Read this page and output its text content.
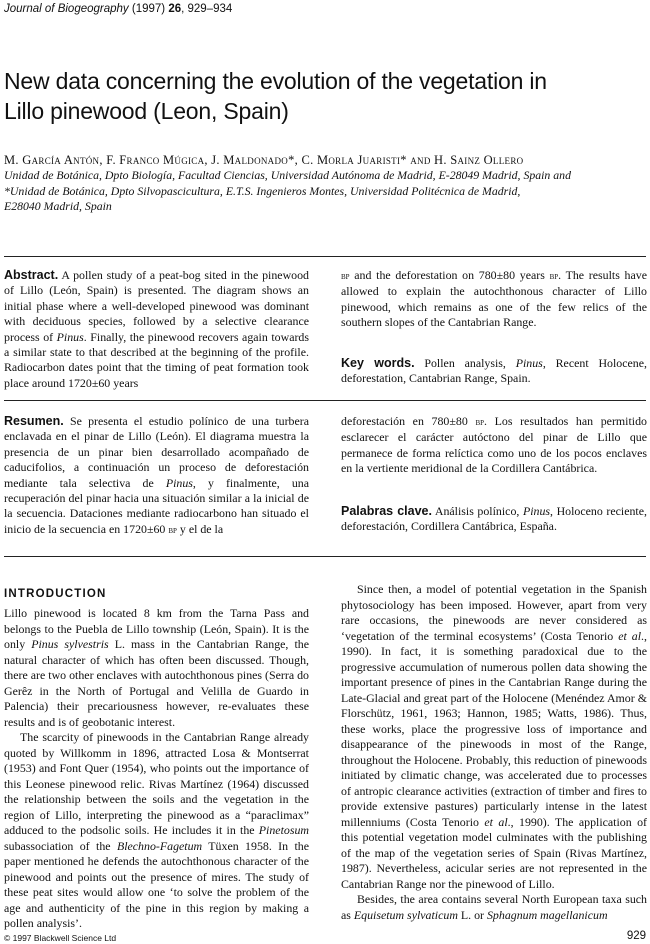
Journal of Biogeography (1997) 26, 929–934
New data concerning the evolution of the vegetation in
Lillo pinewood (Leon, Spain)
M. García Antón, F. Franco Múgica, J. Maldonado*, C. Morla Juaristi* and H. Sainz Ollero
Unidad de Botánica, Dpto Biología, Facultad Ciencias, Universidad Autónoma de Madrid, E-28049 Madrid, Spain and
*Unidad de Botánica, Dpto Silvopascicultura, E.T.S. Ingenieros Montes, Universidad Politécnica de Madrid,
E28040 Madrid, Spain
Abstract. A pollen study of a peat-bog sited in the pinewood of Lillo (León, Spain) is presented. The diagram shows an initial phase where a well-developed pinewood was dominant with deciduous species, followed by a selective clearance process of Pinus. Finally, the pinewood recovers again towards a similar state to that described at the beginning of the profile. Radiocarbon dates point that the timing of peat formation took place around 1720±60 years
bp and the deforestation on 780±80 years bp. The results have allowed to explain the autochthonous character of Lillo pinewood, which remains as one of the few relics of the southern slopes of the Cantabrian Range.
Key words. Pollen analysis, Pinus, Recent Holocene, deforestation, Cantabrian Range, Spain.
Resumen. Se presenta el estudio polínico de una turbera enclavada en el pinar de Lillo (León). El diagrama muestra la presencia de un pinar bien desarrollado acompañado de caducifolios, a continuación un proceso de deforestación mediante tala selectiva de Pinus, y finalmente, una recuperación del pinar hacia una situación similar a la inicial de la secuencia. Dataciones mediante radiocarbono han situado el inicio de la secuencia en 1720±60 bp y el de la
deforestación en 780±80 bp. Los resultados han permitido esclarecer el carácter autóctono del pinar de Lillo que permanece de forma relíctica como uno de los pocos enclaves en la vertiente meridional de la Cordillera Cantábrica.
Palabras clave. Análisis polínico, Pinus, Holoceno reciente, deforestación, Cordillera Cantábrica, España.
INTRODUCTION

Lillo pinewood is located 8 km from the Tarna Pass and belongs to the Puebla de Lillo township (León, Spain). It is the only Pinus sylvestris L. mass in the Cantabrian Range, the natural character of which has often been discussed. Though, there are two other enclaves with autochthonous pines (Serra do Gerêz in the North of Portugal and Velilla de Guardo in Palencia) their precariousness however, re-evaluates these results and is of geobotanic interest.

The scarcity of pinewoods in the Cantabrian Range already quoted by Willkomm in 1896, attracted Losa & Montserrat (1953) and Font Quer (1954), who points out the importance of this Leonese pinewood relic. Rivas Martínez (1964) discussed the relationship between the soils and the vegetation in the region of Lillo, interpreting the pinewood as a “paraclimax” adduced to the podsolic soils. He includes it in the Pinetosum subassociation of the Blechno-Fagetum Tüxen 1958. In the paper mentioned he defends the autochthonous character of the pinewood and points out the presence of mires. The study of these peat sites would allow one ‘to solve the problem of the age and authenticity of the pine in this region by making a pollen analysis’.

Since then, a model of potential vegetation in the Spanish phytosociology has been imposed. However, apart from very rare occasions, the pinewoods are never considered as ‘vegetation of the terminal ecosystems’ (Costa Tenorio et al., 1990). In fact, it is something paradoxical due to the progressive accumulation of numerous pollen data showing the important presence of pines in the Cantabrian Range during the Late-Glacial and great part of the Holocene (Menéndez Amor & Florschütz, 1961, 1963; Hannon, 1985; Watts, 1986). Thus, these works, place the progressive loss of importance and disappearance of the pinewoods in most of the Range, throughout the Holocene. Probably, this reduction of pinewoods initiated by climatic change, was accelerated due to processes of antropic clearance activities (extraction of timber and fires to provide extensive pastures) particularly intense in the latest millenniums (Costa Tenorio et al., 1990). The application of this potential vegetation model culminates with the publishing of the map of the vegetation series of Spain (Rivas Martínez, 1987). Nevertheless, acicular series are not represented in the Cantabrian Range nor the pinewood of Lillo.

Besides, the area contains several North European taxa such as Equisetum sylvaticum L. or Sphagnum magellanicum

© 1997 Blackwell Science Ltd	929
